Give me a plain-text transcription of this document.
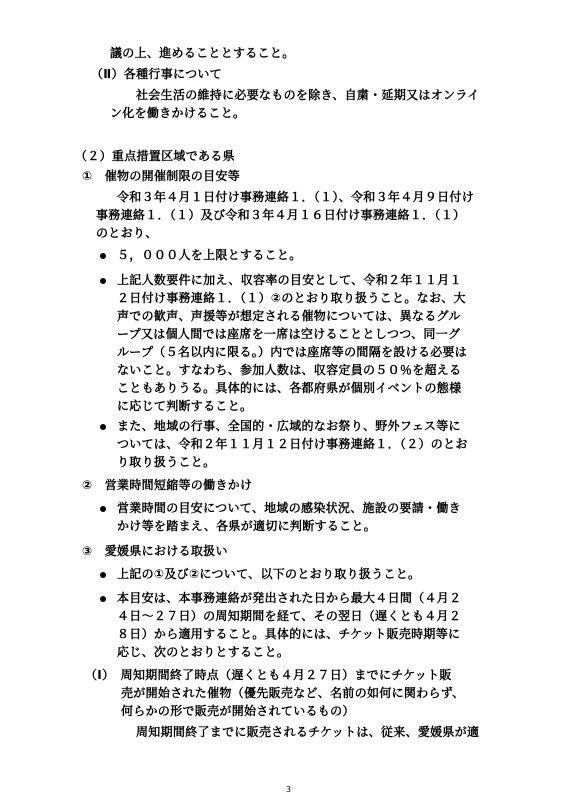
議の上、進めることとすること。
（Ⅱ）各種行事について
社会生活の維持に必要なものを除き、自粛・延期又はオンライ
ン化を働きかけること。
（２）重点措置区域である県
①　催物の開催制限の目安等
令和３年４月１日付け事務連絡１．（１）、令和３年４月９日付け
事務連絡１．（１）及び令和３年４月１６日付け事務連絡１．（１）
のとおり、
５，０００人を上限とすること。
上記人数要件に加え、収容率の目安として、令和２年１１月１
２日付け事務連絡１．（１）②のとおり取り扱うこと。なお、大
声での歓声、声援等が想定される催物については、異なるグル
ープ又は個人間では座席を一席は空けることとしつつ、同一グ
ループ（５名以内に限る。）内では座席等の間隔を設ける必要は
ないこと。すなわち、参加人数は、収容定員の５０％を超える
こともありうる。具体的には、各都府県が個別イベントの態様
に応じて判断すること。
また、地域の行事、全国的・広域的なお祭り、野外フェス等に
ついては、令和２年１１月１２日付け事務連絡１．（２）のとお
り取り扱うこと。
②　営業時間短縮等の働きかけ
営業時間の目安について、地域の感染状況、施設の要請・働き
かけ等を踏まえ、各県が適切に判断すること。
③　愛媛県における取扱い
上記の①及び②について、以下のとおり取り扱うこと。
本目安は、本事務連絡が発出された日から最大４日間（４月２
４日～２７日）の周知期間を経て、その翌日（遅くとも４月２
８日）から適用すること。具体的には、チケット販売時期等に
応じ、次のとおりとすること。
（Ⅰ）　周知期間終了時点（遅くとも４月２７日）までにチケット販
売が開始された催物（優先販売など、名前の如何に関わらず、
何らかの形で販売が開始されているもの）
周知期間終了までに販売されるチケットは、従来、愛媛県が適
3
